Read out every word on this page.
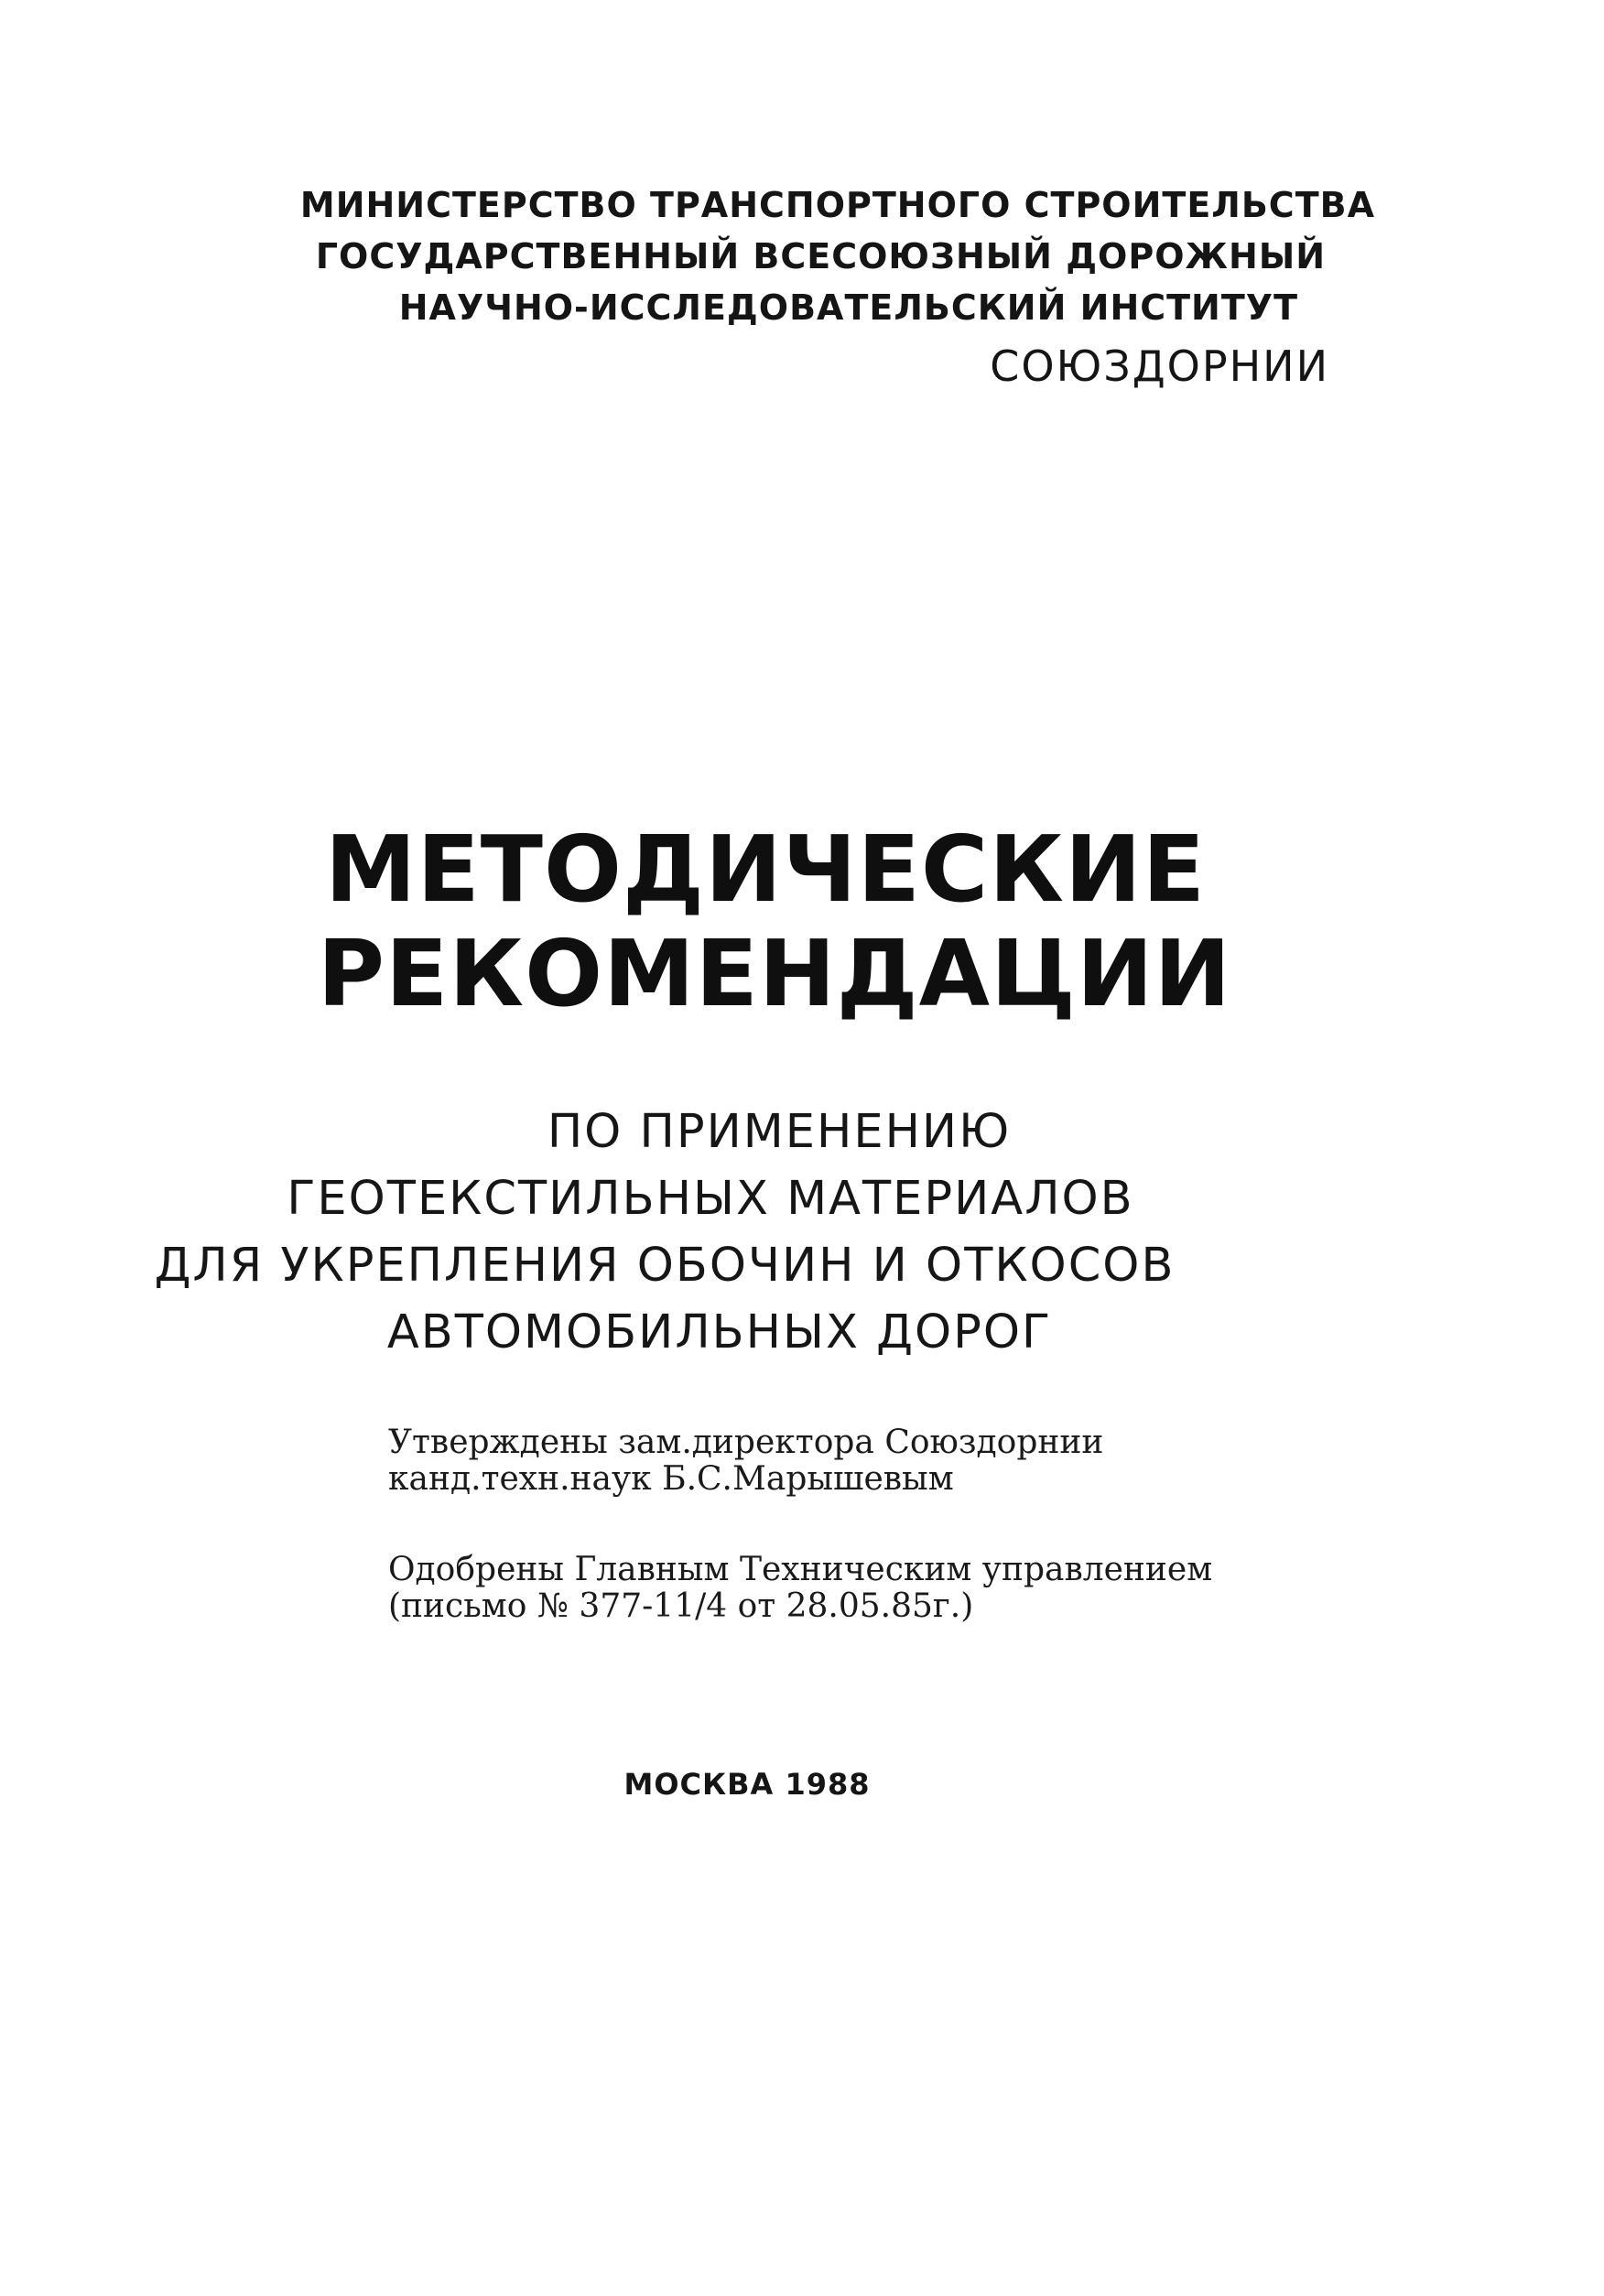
МИНИСТЕРСТВО ТРАНСПОРТНОГО СТРОИТЕЛЬСТВА
ГОСУДАРСТВЕННЫЙ ВСЕСОЮЗНЫЙ ДОРОЖНЫЙ
НАУЧНО-ИССЛЕДОВАТЕЛЬСКИЙ ИНСТИТУТ
СОЮЗДОРНИИ
МЕТОДИЧЕСКИЕ
РЕКОМЕНДАЦИИ
ПО ПРИМЕНЕНИЮ
ГЕОТЕКСТИЛЬНЫХ МАТЕРИАЛОВ
ДЛЯ УКРЕПЛЕНИЯ ОБОЧИН И ОТКОСОВ
АВТОМОБИЛЬНЫХ ДОРОГ
Утверждены зам.директора Союздорнии
канд.техн.наук Б.С.Марышевым
Одобрены Главным Техническим управлением
(письмо № 377-11/4 от 28.05.85г.)
МОСКВА 1988
